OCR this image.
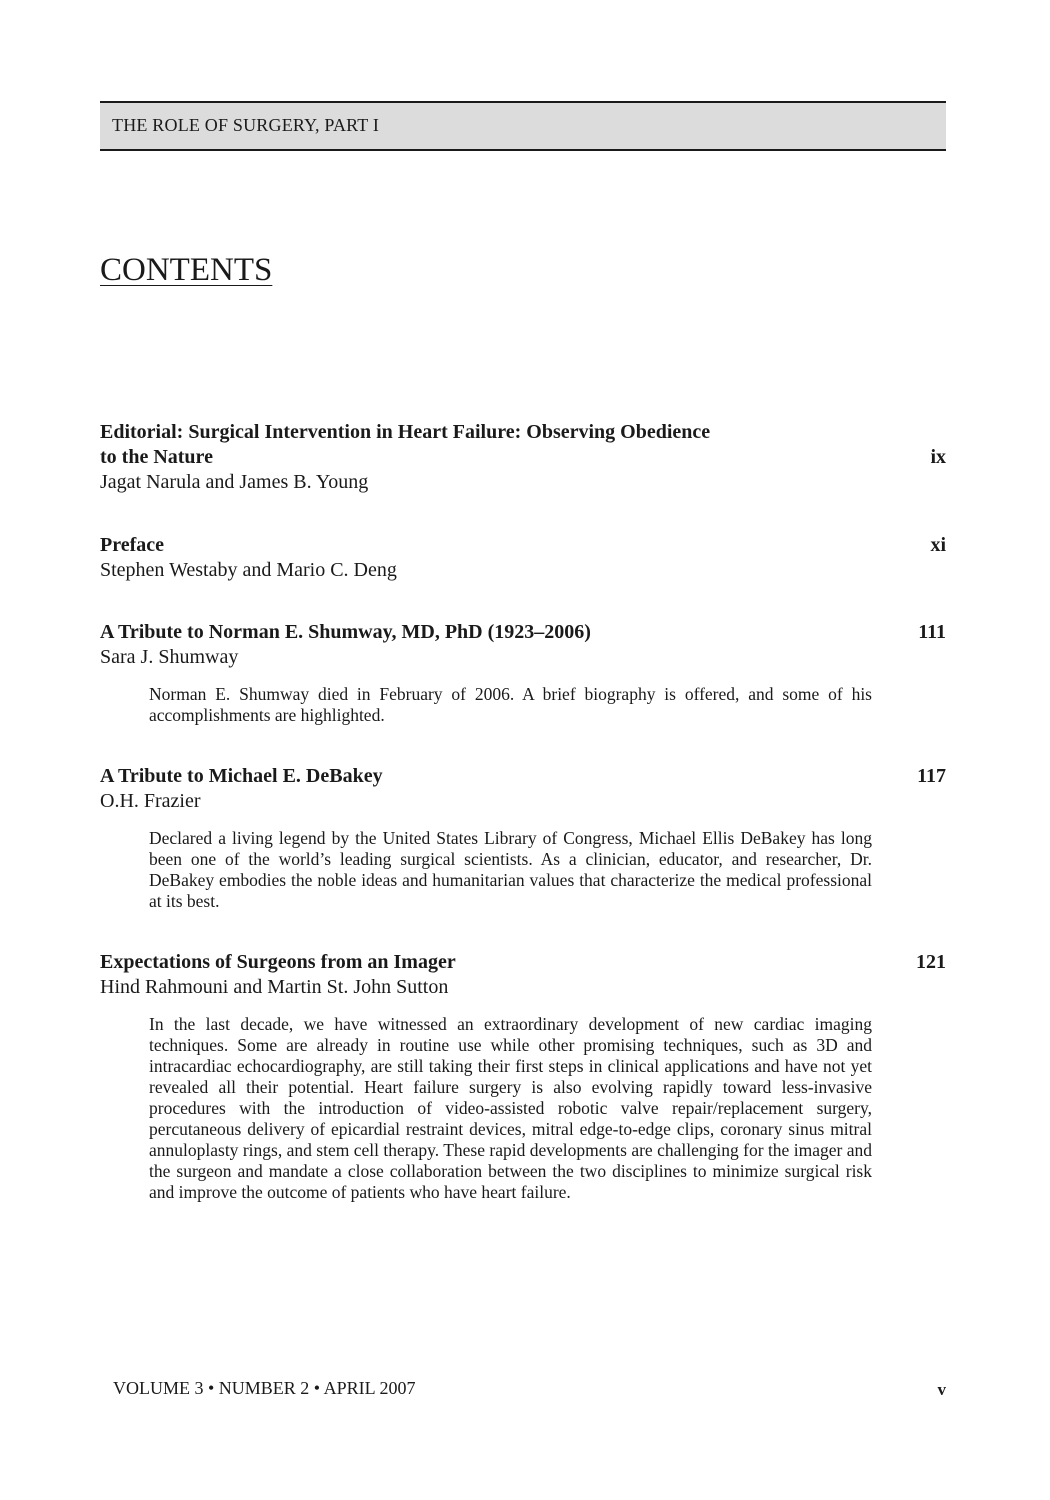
THE ROLE OF SURGERY, PART I
CONTENTS
Editorial: Surgical Intervention in Heart Failure: Observing Obedience
to the Nature	ix
Jagat Narula and James B. Young
Preface	xi
Stephen Westaby and Mario C. Deng
A Tribute to Norman E. Shumway, MD, PhD (1923–2006)	111
Sara J. Shumway
Norman E. Shumway died in February of 2006. A brief biography is offered, and some of his accomplishments are highlighted.
A Tribute to Michael E. DeBakey	117
O.H. Frazier
Declared a living legend by the United States Library of Congress, Michael Ellis DeBakey has long been one of the world’s leading surgical scientists. As a clinician, educator, and researcher, Dr. DeBakey embodies the noble ideas and humanitarian values that characterize the medical professional at its best.
Expectations of Surgeons from an Imager	121
Hind Rahmouni and Martin St. John Sutton
In the last decade, we have witnessed an extraordinary development of new cardiac imaging techniques. Some are already in routine use while other promising techniques, such as 3D and intracardiac echocardiography, are still taking their first steps in clinical applications and have not yet revealed all their potential. Heart failure surgery is also evolving rapidly toward less-invasive procedures with the introduction of video-assisted robotic valve repair/replacement surgery, percutaneous delivery of epicardial restraint devices, mitral edge-to-edge clips, coronary sinus mitral annuloplasty rings, and stem cell therapy. These rapid developments are challenging for the imager and the surgeon and mandate a close collaboration between the two disciplines to minimize surgical risk and improve the outcome of patients who have heart failure.
VOLUME 3 • NUMBER 2 • APRIL 2007	v
